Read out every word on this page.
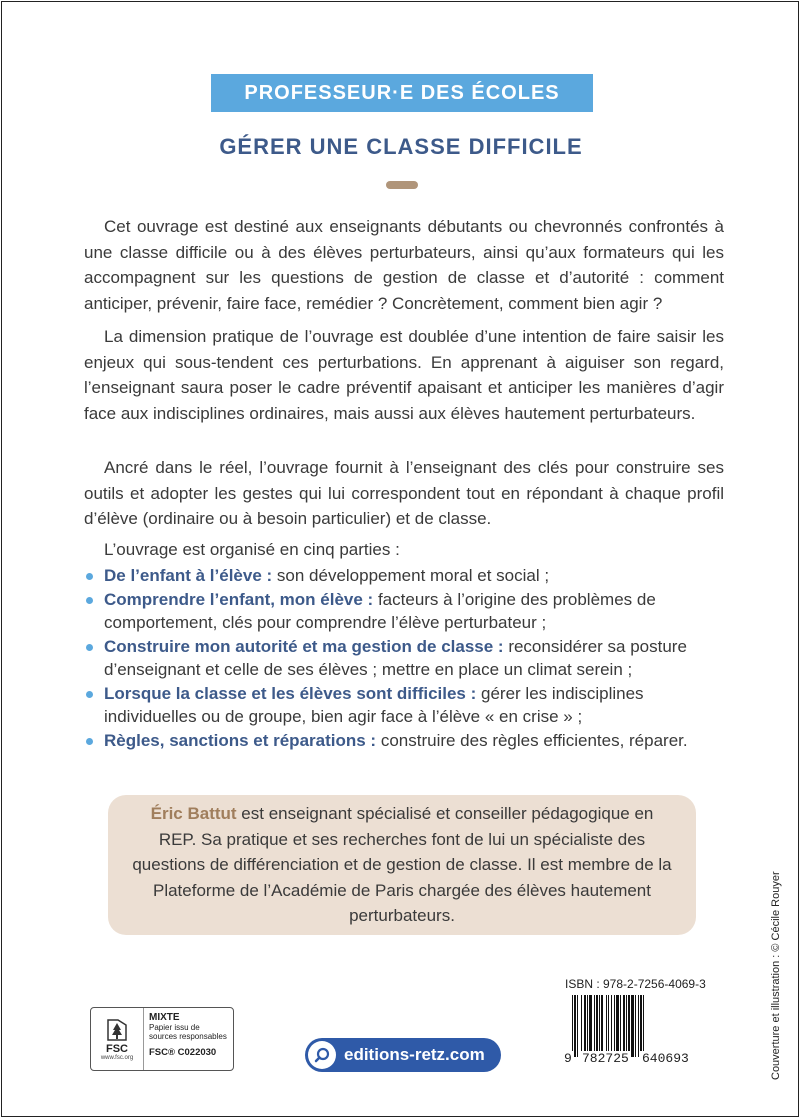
PROFESSEUR·E DES ÉCOLES
GÉRER UNE CLASSE DIFFICILE

Cet ouvrage est destiné aux enseignants débutants ou chevronnés confrontés à une classe difficile ou à des élèves perturbateurs, ainsi qu’aux formateurs qui les accompagnent sur les questions de gestion de classe et d’autorité : comment anticiper, prévenir, faire face, remédier ? Concrètement, comment bien agir ?

La dimension pratique de l’ouvrage est doublée d’une intention de faire saisir les enjeux qui sous-tendent ces perturbations. En apprenant à aiguiser son regard, l’enseignant saura poser le cadre préventif apaisant et anticiper les manières d’agir face aux indisciplines ordinaires, mais aussi aux élèves hautement perturbateurs.

Ancré dans le réel, l’ouvrage fournit à l’enseignant des clés pour construire ses outils et adopter les gestes qui lui correspondent tout en répondant à chaque profil d’élève (ordinaire ou à besoin particulier) et de classe.

L’ouvrage est organisé en cinq parties :
De l’enfant à l’élève : son développement moral et social ;
Comprendre l’enfant, mon élève : facteurs à l’origine des problèmes de comportement, clés pour comprendre l’élève perturbateur ;
Construire mon autorité et ma gestion de classe : reconsidérer sa posture d’enseignant et celle de ses élèves ; mettre en place un climat serein ;
Lorsque la classe et les élèves sont difficiles : gérer les indisciplines individuelles ou de groupe, bien agir face à l’élève « en crise » ;
Règles, sanctions et réparations : construire des règles efficientes, réparer.
Éric Battut est enseignant spécialisé et conseiller pédagogique en REP. Sa pratique et ses recherches font de lui un spécialiste des questions de différenciation et de gestion de classe. Il est membre de la Plateforme de l’Académie de Paris chargée des élèves hautement perturbateurs.	Couverture et illustration : © Cécile Rouyer
FSC
www.fsc.org
MIXTE
Papier issu de sources responsables
FSC® C022030	editions-retz.com
ISBN : 978-2-7256-4069-3
9 782725 640693
